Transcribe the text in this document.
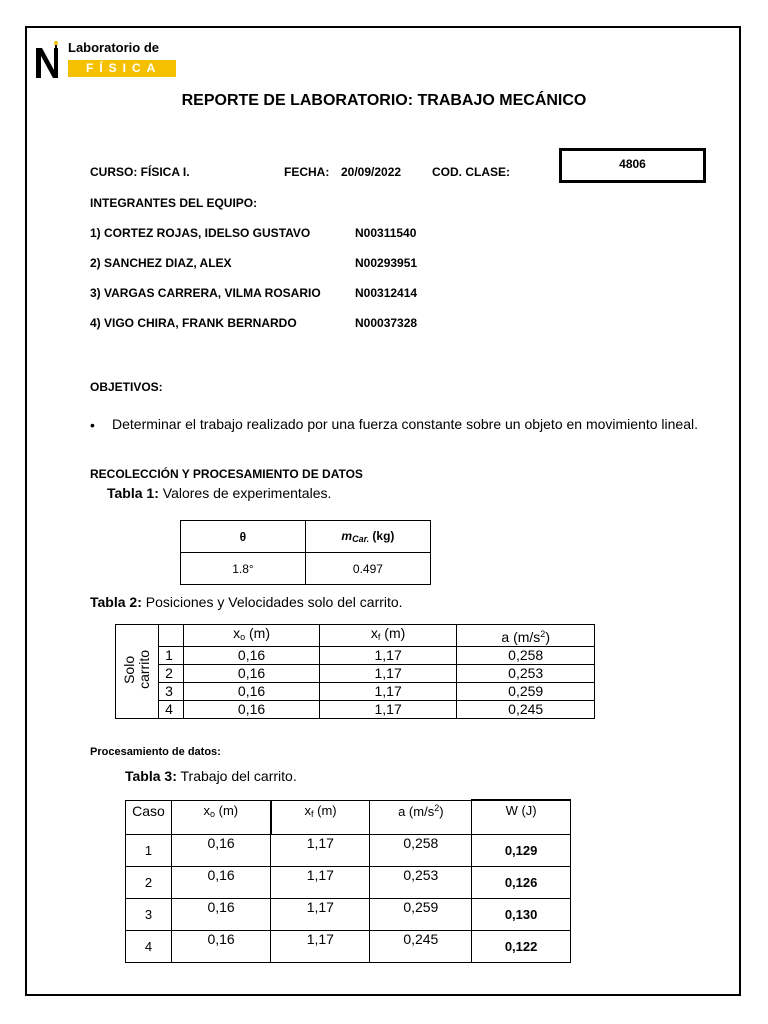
Laboratorio de
FÍSICA
REPORTE DE LABORATORIO: TRABAJO MECÁNICO
CURSO: FÍSICA I.	FECHA: 20/09/2022	COD. CLASE:
4806
INTEGRANTES DEL EQUIPO:
1) CORTEZ ROJAS, IDELSO GUSTAVO	N00311540
2) SANCHEZ DIAZ, ALEX	N00293951
3) VARGAS CARRERA, VILMA ROSARIO	N00312414
4) VIGO CHIRA, FRANK BERNARDO	N00037328
OBJETIVOS:
• Determinar el trabajo realizado por una fuerza constante sobre un objeto en movimiento lineal.
RECOLECCIÓN Y PROCESAMIENTO DE DATOS
Tabla 1: Valores de experimentales.
θ	$m_{Car.}$ (kg)
1.8°	0.497
Tabla 2: Posiciones y Velocidades solo del carrito.
Solo
carrito		$x_o$ (m)	$x_f$ (m)	a $(m/s^2)$
	1	0,16	1,17	0,258
	2	0,16	1,17	0,253
	3	0,16	1,17	0,259
	4	0,16	1,17	0,245
Procesamiento de datos:
Tabla 3: Trabajo del carrito.
Caso	$x_o$ (m)	$x_f$ (m)	a $(m/s^2)$	W (J)
1	0,16	1,17	0,258	0,129
2	0,16	1,17	0,253	0,126
3	0,16	1,17	0,259	0,130
4	0,16	1,17	0,245	0,122
